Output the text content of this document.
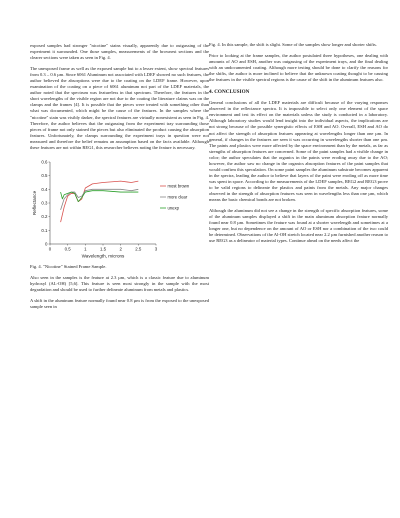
exposed samples had stronger "nicotine" stains visually, apparently due to outgassing of the experiment it surrounded. One those samples, measurements of the brownest sections and the clearer sections were taken as seen in Fig. 4.

The unexposed frame as well as the exposed sample but to a lesser extent, show spectral features from 0.3 – 0.6 µm. Since 6061 Aluminum not associated with LDEF showed no such features, the author believed the absorptions were due to the coating on the LDEF frame. However, upon examination of the coating on a piece of 6061 aluminum not part of the LDEF materials, the author noted that the spectrum was featureless in that spectrum. Therefore, the features in the short wavelengths of the visible region are not due to the coating the literature claims was on the clamps and the frames [4]. It is possible that the pieces were treated with something other than what was documented, which might be the cause of the features. In the samples where the "nicotine" stain was visibly darker, the spectral features are virtually nonexistent as seen in Fig. 4. Therefore, the author believes that the outgassing from the experiment tray surrounding those pieces of frame not only stained the pieces but also eliminated the product causing the absorption features. Unfortunately, the clamps surrounding the experiment trays in question were not measured and therefore the belief remains an assumption based on the facts available. Although these features are not within REG1, this researcher believes noting the feature is necessary.

0	0.5	1	1.5	2	2.5	3
0
0.1
0.2
0.3
0.4
0.5
0.6
Wavelength, microns
Reflectance
most brown
more clear
unexp

Fig. 4. "Nicotine" Stained Frame Sample.

Also seen in the samples is the feature at 2.3 µm, which is a classic feature due to aluminum hydroxyl (AL-OH) [5,6]. This feature is seen most strongly in the sample with the most degradation and should be used to further delineate aluminum from metals and plastics.

A shift in the aluminum feature normally found near 0.8 µm is from the exposed to the unexposed sample seen in

Fig. 4. In this sample, the shift is slight. Some of the samples show longer and shorter shifts.

Prior to looking at the frame samples, the author postulated three hypotheses, one dealing with amounts of AO and ESH, another was outgassing of the experiment trays, and the final dealing with an undocumented coating. Although more testing should be done to clarify the reasons for the shifts, the author is more inclined to believe that the unknown coating thought to be causing the features in the visible spectral regions is the cause of the shift in the aluminum features also.

4. CONCLUSION

General conclusions of all the LDEF materials are difficult because of the varying responses observed in the reflectance spectra. It is impossible to select only one element of the space environment and test its effect on the materials unless the study is conducted in a laboratory. Although laboratory studies would lend insight into the individual aspects, the implications are not strong because of the possible synergistic effects of ESH and AO. Overall, ESH and AO do not affect the strength of absorption features appearing at wavelengths longer than one µm. In general, if changes in the features are seen it was occurring in wavelengths shorter than one µm. The paints and plastics were more affected by the space environment than by the metals, as far as strengths of absorption features are concerned. Some of the paint samples had a visible change in color; the author speculates that the organics in the paints were eroding away due to the AO; however, the author saw no change in the organics absorption features of the paint samples that would confirm this speculation. On some paint samples the aluminum substrate becomes apparent in the spectra, leading the author to believe that layers of the paint were eroding off as more time was spent in space. According to the measurements of the LDEF samples, REG2 and REG3 prove to be valid regions to delineate the plastics and paints from the metals. Any major changes observed in the strength of absorption features was seen in wavelengths less than one µm, which means the basic chemical bonds are not broken.

Although the aluminum did not see a change in the strength of specific absorption features, some of the aluminum samples displayed a shift in the main aluminum absorption feature normally found near 0.8 µm. Sometimes the feature was found at a shorter wavelength and sometimes at a longer one, but no dependence on the amount of AO or ESH nor a combination of the two could be determined. Observations of the Al-OH stretch located near 2.2 µm furnished another reason to use REG3 as a delineator of material types. Continue ahead on the needs affect the
